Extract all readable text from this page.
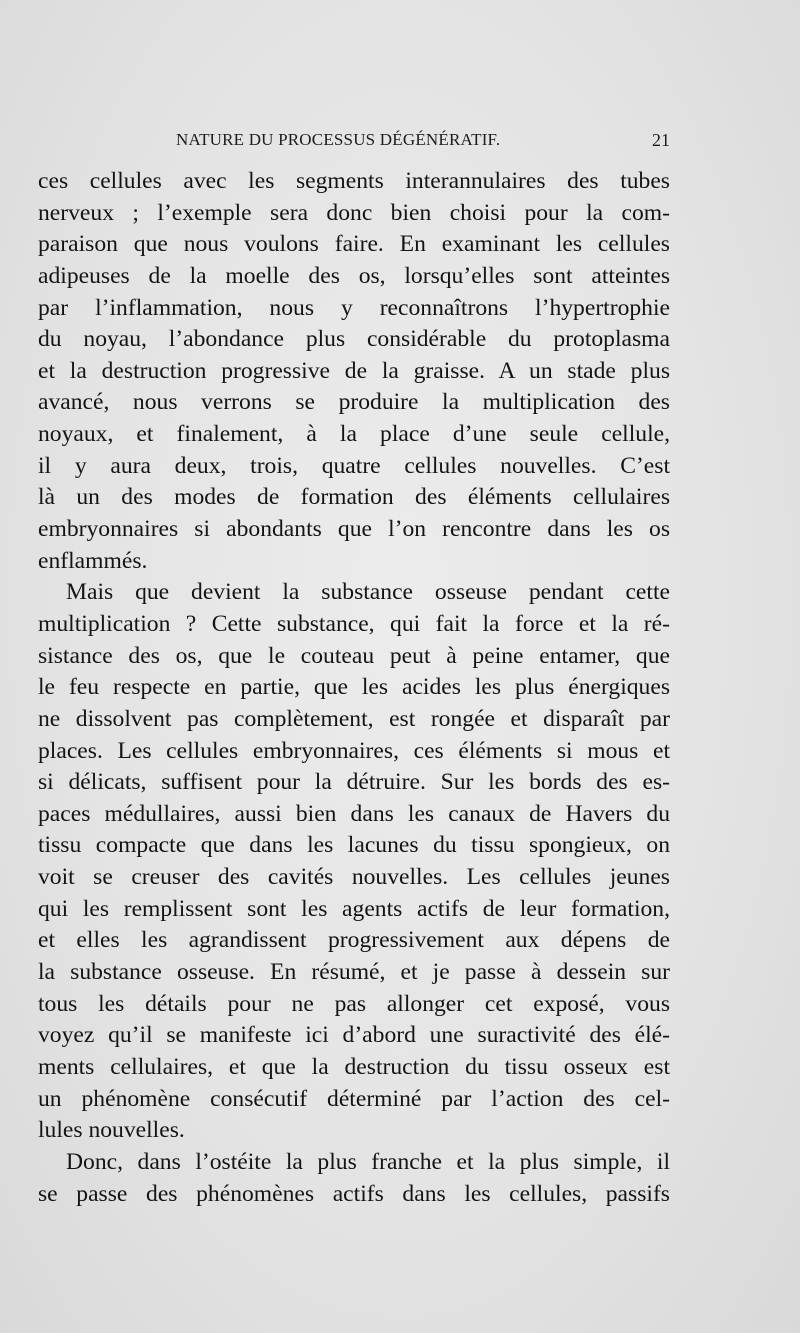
NATURE DU PROCESSUS DÉGÉNÉRATIF.	21
ces cellules avec les segments interannulaires des tubes
nerveux ; l’exemple sera donc bien choisi pour la com-
paraison que nous voulons faire. En examinant les cellules
adipeuses de la moelle des os, lorsqu’elles sont atteintes
par l’inflammation, nous y reconnaîtrons l’hypertrophie
du noyau, l’abondance plus considérable du protoplasma
et la destruction progressive de la graisse. A un stade plus
avancé, nous verrons se produire la multiplication des
noyaux, et finalement, à la place d’une seule cellule,
il y aura deux, trois, quatre cellules nouvelles. C’est
là un des modes de formation des éléments cellulaires
embryonnaires si abondants que l’on rencontre dans les os
enflammés.
Mais que devient la substance osseuse pendant cette
multiplication ? Cette substance, qui fait la force et la ré-
sistance des os, que le couteau peut à peine entamer, que
le feu respecte en partie, que les acides les plus énergiques
ne dissolvent pas complètement, est rongée et disparaît par
places. Les cellules embryonnaires, ces éléments si mous et
si délicats, suffisent pour la détruire. Sur les bords des es-
paces médullaires, aussi bien dans les canaux de Havers du
tissu compacte que dans les lacunes du tissu spongieux, on
voit se creuser des cavités nouvelles. Les cellules jeunes
qui les remplissent sont les agents actifs de leur formation,
et elles les agrandissent progressivement aux dépens de
la substance osseuse. En résumé, et je passe à dessein sur
tous les détails pour ne pas allonger cet exposé, vous
voyez qu’il se manifeste ici d’abord une suractivité des élé-
ments cellulaires, et que la destruction du tissu osseux est
un phénomène consécutif déterminé par l’action des cel-
lules nouvelles.
Donc, dans l’ostéite la plus franche et la plus simple, il
se passe des phénomènes actifs dans les cellules, passifs
